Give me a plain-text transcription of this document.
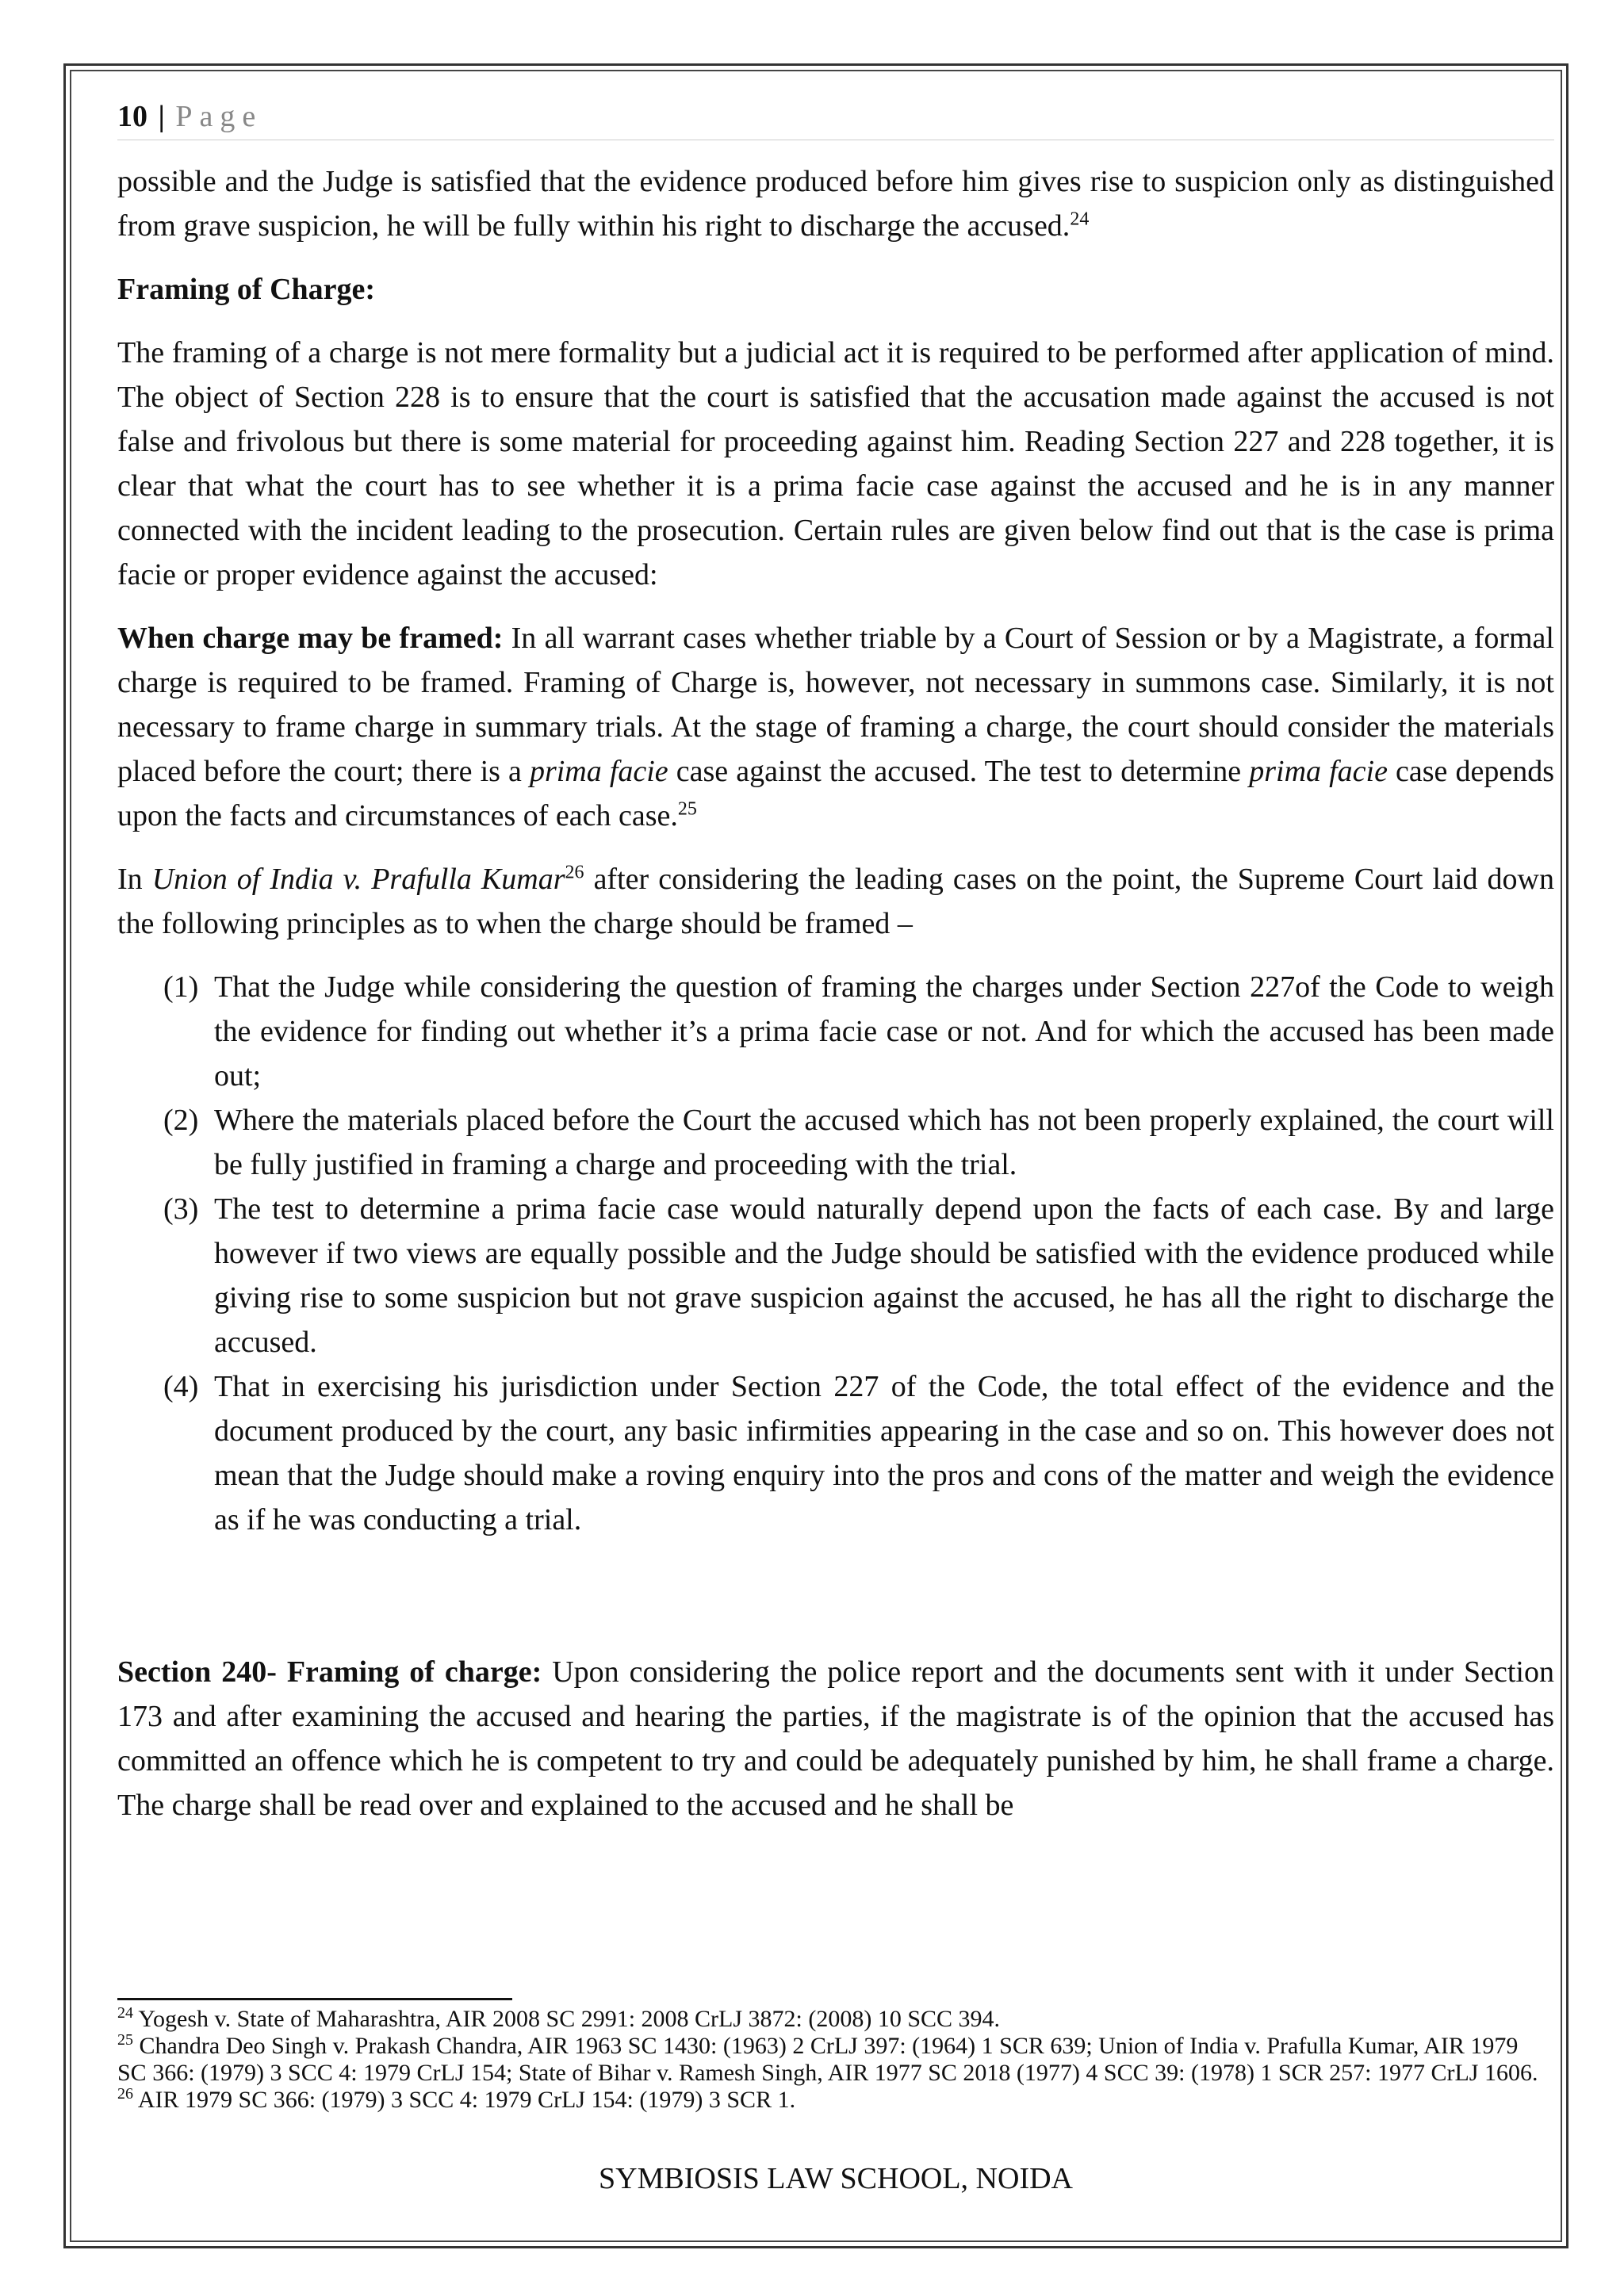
10 | Page

possible and the Judge is satisfied that the evidence produced before him gives rise to suspicion only as distinguished from grave suspicion, he will be fully within his right to discharge the accused.$^{24}$

Framing of Charge:

The framing of a charge is not mere formality but a judicial act it is required to be performed after application of mind. The object of Section 228 is to ensure that the court is satisfied that the accusation made against the accused is not false and frivolous but there is some material for proceeding against him. Reading Section 227 and 228 together, it is clear that what the court has to see whether it is a prima facie case against the accused and he is in any manner connected with the incident leading to the prosecution. Certain rules are given below find out that is the case is prima facie or proper evidence against the accused:

When charge may be framed: In all warrant cases whether triable by a Court of Session or by a Magistrate, a formal charge is required to be framed. Framing of Charge is, however, not necessary in summons case. Similarly, it is not necessary to frame charge in summary trials. At the stage of framing a charge, the court should consider the materials placed before the court; there is a prima facie case against the accused. The test to determine prima facie case depends upon the facts and circumstances of each case.$^{25}$

In Union of India v. Prafulla Kumar$^{26}$ after considering the leading cases on the point, the Supreme Court laid down the following principles as to when the charge should be framed –

(1) That the Judge while considering the question of framing the charges under Section 227of the Code to weigh the evidence for finding out whether it’s a prima facie case or not. And for which the accused has been made out;
(2) Where the materials placed before the Court the accused which has not been properly explained, the court will be fully justified in framing a charge and proceeding with the trial.
(3) The test to determine a prima facie case would naturally depend upon the facts of each case. By and large however if two views are equally possible and the Judge should be satisfied with the evidence produced while giving rise to some suspicion but not grave suspicion against the accused, he has all the right to discharge the accused.
(4) That in exercising his jurisdiction under Section 227 of the Code, the total effect of the evidence and the document produced by the court, any basic infirmities appearing in the case and so on. This however does not mean that the Judge should make a roving enquiry into the pros and cons of the matter and weigh the evidence as if he was conducting a trial.

Section 240- Framing of charge: Upon considering the police report and the documents sent with it under Section 173 and after examining the accused and hearing the parties, if the magistrate is of the opinion that the accused has committed an offence which he is competent to try and could be adequately punished by him, he shall frame a charge. The charge shall be read over and explained to the accused and he shall be

$^{24}$ Yogesh v. State of Maharashtra, AIR 2008 SC 2991: 2008 CrLJ 3872: (2008) 10 SCC 394.
$^{25}$ Chandra Deo Singh v. Prakash Chandra, AIR 1963 SC 1430: (1963) 2 CrLJ 397: (1964) 1 SCR 639; Union of India v. Prafulla Kumar, AIR 1979 SC 366: (1979) 3 SCC 4: 1979 CrLJ 154; State of Bihar v. Ramesh Singh, AIR 1977 SC 2018 (1977) 4 SCC 39: (1978) 1 SCR 257: 1977 CrLJ 1606.
$^{26}$ AIR 1979 SC 366: (1979) 3 SCC 4: 1979 CrLJ 154: (1979) 3 SCR 1.
SYMBIOSIS LAW SCHOOL, NOIDA
